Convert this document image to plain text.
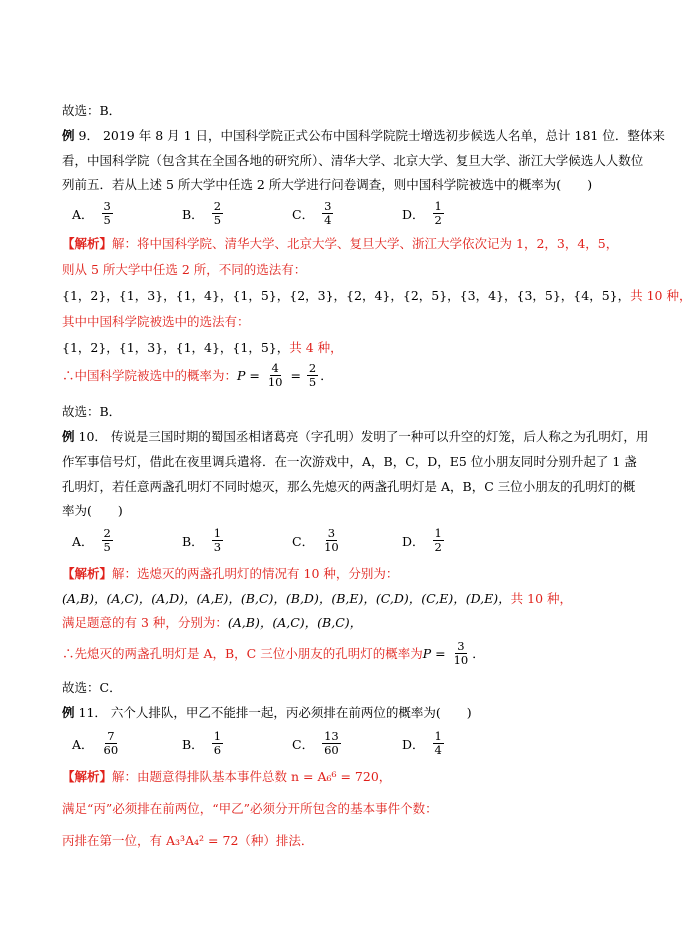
故选：B．
例 9． 2019 年 8 月 1 日，中国科学院正式公布中国科学院院士增选初步候选人名单，总计 181 位．整体来
看，中国科学院（包含其在全国各地的研究所）、清华大学、北京大学、复旦大学、浙江大学候选人人数位
列前五．若从上述 5 所大学中任选 2 所大学进行问卷调查，则中国科学院被选中的概率为( )
A． $\frac{3}{5}$	B． $\frac{2}{5}$	C． $\frac{3}{4}$	D． $\frac{1}{2}$
【解析】解：将中国科学院、清华大学、北京大学、复旦大学、浙江大学依次记为 1，2，3，4，5，
则从 5 所大学中任选 2 所，不同的选法有：
{1，2}，{1，3}，{1，4}，{1，5}，{2，3}，{2，4}，{2，5}，{3，4}，{3，5}，{4，5}，共 10 种，
其中中国科学院被选中的选法有：
{1，2}，{1，3}，{1，4}，{1，5}，共 4 种，
∴中国科学院被选中的概率为： $P = \frac{4}{10} = \frac{2}{5}$ ．
故选：B．
例 10． 传说是三国时期的蜀国丞相诸葛亮（字孔明）发明了一种可以升空的灯笼，后人称之为孔明灯，用
作军事信号灯，借此在夜里调兵遣将．在一次游戏中，A，B，C，D，E5 位小朋友同时分别升起了 1 盏
孔明灯，若任意两盏孔明灯不同时熄灭，那么先熄灭的两盏孔明灯是 A，B，C 三位小朋友的孔明灯的概
率为( )
A． $\frac{2}{5}$	B． $\frac{1}{3}$	C． $\frac{3}{10}$	D． $\frac{1}{2}$
【解析】解：选熄灭的两盏孔明灯的情况有 10 种，分别为：
(A,B)，(A,C)，(A,D)，(A,E)，(B,C)，(B,D)，(B,E)，(C,D)，(C,E)，(D,E)，共 10 种，
满足题意的有 3 种，分别为：(A,B)，(A,C)，(B,C)，
∴先熄灭的两盏孔明灯是 A，B，C 三位小朋友的孔明灯的概率为 $P = \frac{3}{10}$ ．
故选：C．
例 11． 六个人排队，甲乙不能排一起，丙必须排在前两位的概率为( )
A． $\frac{7}{60}$	B． $\frac{1}{6}$	C． $\frac{13}{60}$	D． $\frac{1}{4}$
【解析】解：由题意得排队基本事件总数 n = A₆⁶ = 720，
满足“丙”必须排在前两位，“甲乙”必须分开所包含的基本事件个数：
丙排在第一位，有 A₃³A₄² = 72（种）排法．
